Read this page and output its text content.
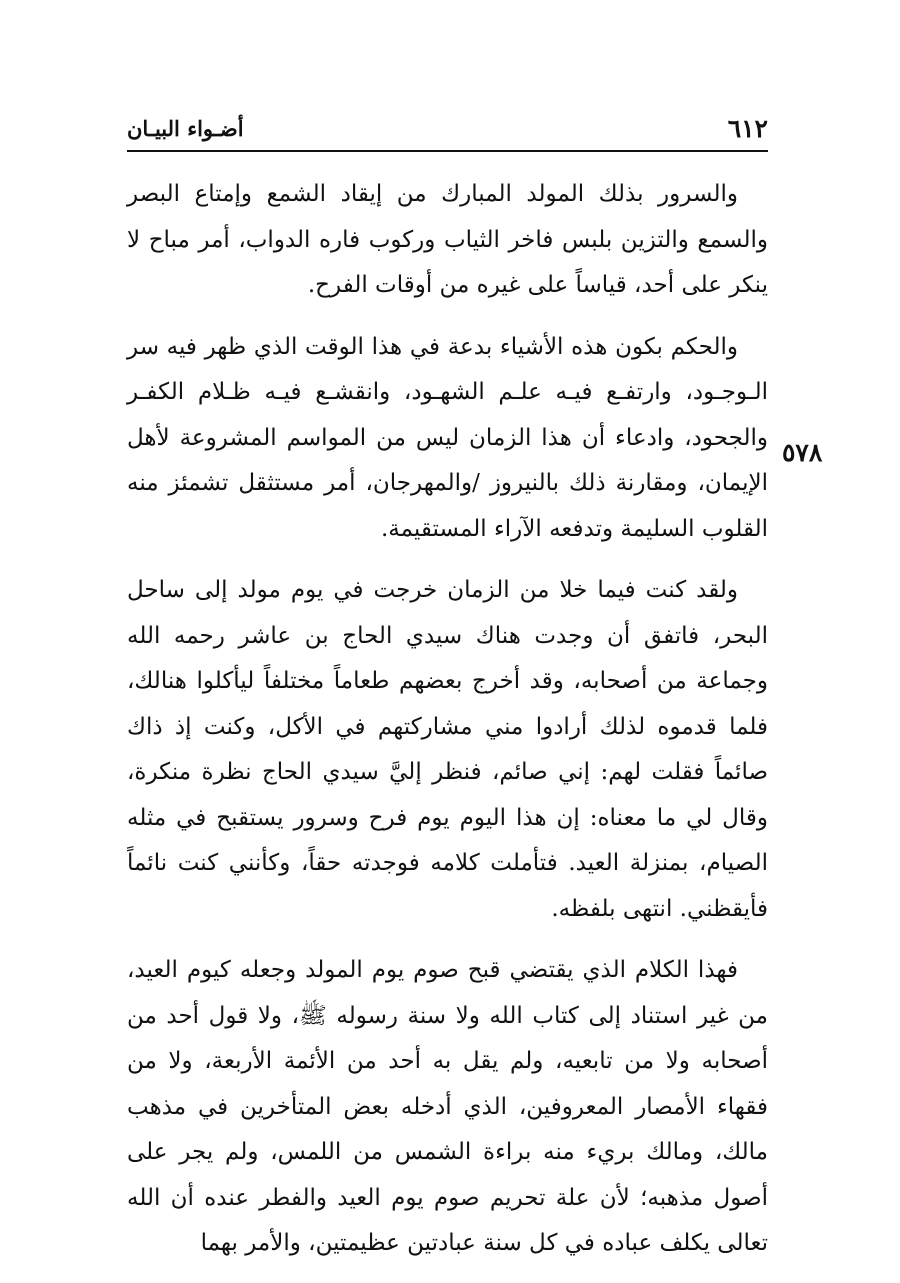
٦١٢
أضـواء البيـان
٥٧٨

والسرور بذلك المولد المبارك من إيقاد الشمع وإمتاع البصر والسمع والتزين بلبس فاخر الثياب وركوب فاره الدواب، أمر مباح لا ينكر على أحد، قياساً على غيره من أوقات الفرح.

والحكم بكون هذه الأشياء بدعة في هذا الوقت الذي ظهر فيه سر الـوجـود، وارتفـع فيـه علـم الشهـود، وانقشـع فيـه ظـلام الكفـر والجحود، وادعاء أن هذا الزمان ليس من المواسم المشروعة لأهل الإيمان، ومقارنة ذلك بالنيروز /والمهرجان، أمر مستثقل تشمئز منه القلوب السليمة وتدفعه الآراء المستقيمة.

ولقد كنت فيما خلا من الزمان خرجت في يوم مولد إلى ساحل البحر، فاتفق أن وجدت هناك سيدي الحاج بن عاشر رحمه الله وجماعة من أصحابه، وقد أخرج بعضهم طعاماً مختلفاً ليأكلوا هنالك، فلما قدموه لذلك أرادوا مني مشاركتهم في الأكل، وكنت إذ ذاك صائماً فقلت لهم: إني صائم، فنظر إليَّ سيدي الحاج نظرة منكرة، وقال لي ما معناه: إن هذا اليوم يوم فرح وسرور يستقبح في مثله الصيام، بمنزلة العيد. فتأملت كلامه فوجدته حقاً، وكأنني كنت نائماً فأيقظني. انتهى بلفظه.

فهذا الكلام الذي يقتضي قبح صوم يوم المولد وجعله كيوم العيد، من غير استناد إلى كتاب الله ولا سنة رسوله ﷺ، ولا قول أحد من أصحابه ولا من تابعيه، ولم يقل به أحد من الأئمة الأربعة، ولا من فقهاء الأمصار المعروفين، الذي أدخله بعض المتأخرين في مذهب مالك، ومالك بريء منه براءة الشمس من اللمس، ولم يجر على أصول مذهبه؛ لأن علة تحريم صوم يوم العيد والفطر عنده أن الله تعالى يكلف عباده في كل سنة عبادتين عظيمتين، والأمر بهما
